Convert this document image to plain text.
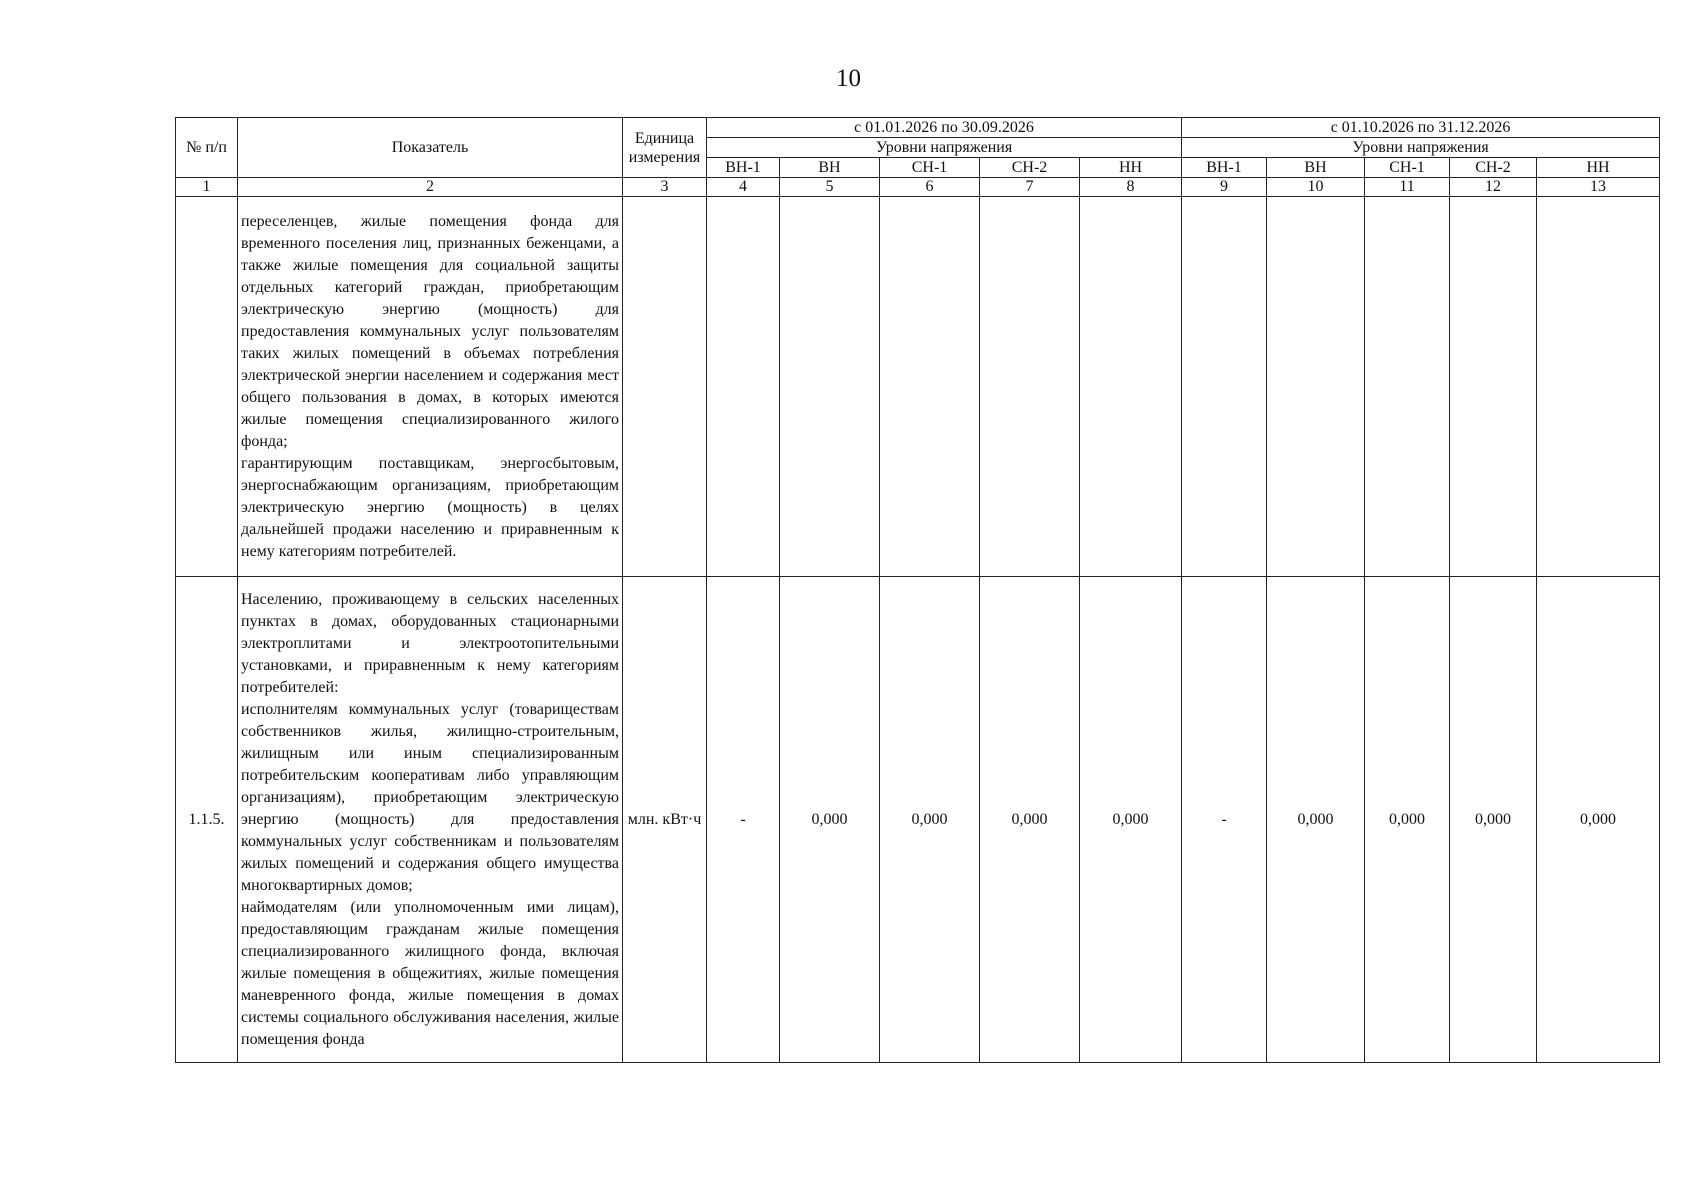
10
№ п/п	Показатель	Единица измерения	с 01.01.2026 по 30.09.2026					с 01.10.2026 по 31.12.2026				
			Уровни напряжения					Уровни напряжения				
			ВН-1	ВН	СН-1	СН-2	НН	ВН-1	ВН	СН-1	СН-2	НН
1	2	3	4	5	6	7	8	9	10	11	12	13

	переселенцев, жилые помещения фонда для временного поселения лиц, признанных беженцами, а также жилые помещения для социальной защиты отдельных категорий граждан, приобретающим электрическую энергию (мощность) для предоставления коммунальных услуг пользователям таких жилых помещений в объемах потребления электрической энергии населением и содержания мест общего пользования в домах, в которых имеются жилые помещения специализированного жилого фонда;
гарантирующим поставщикам, энергосбытовым, энергоснабжающим организациям, приобретающим электрическую энергию (мощность) в целях дальнейшей продажи населению и приравненным к нему категориям потребителей.											

1.1.5.	Населению, проживающему в сельских населенных пунктах в домах, оборудованных стационарными электроплитами и электроотопительными установками, и приравненным к нему категориям потребителей:
исполнителям коммунальных услуг (товариществам собственников жилья, жилищно-строительным, жилищным или иным специализированным потребительским кооперативам либо управляющим организациям), приобретающим электрическую энергию (мощность) для предоставления коммунальных услуг собственникам и пользователям жилых помещений и содержания общего имущества многоквартирных домов;
наймодателям (или уполномоченным ими лицам), предоставляющим гражданам жилые помещения специализированного жилищного фонда, включая жилые помещения в общежитиях, жилые помещения маневренного фонда, жилые помещения в домах системы социального обслуживания населения, жилые помещения фонда	млн. кВт·ч	-	0,000	0,000	0,000	0,000	-	0,000	0,000	0,000	0,000
